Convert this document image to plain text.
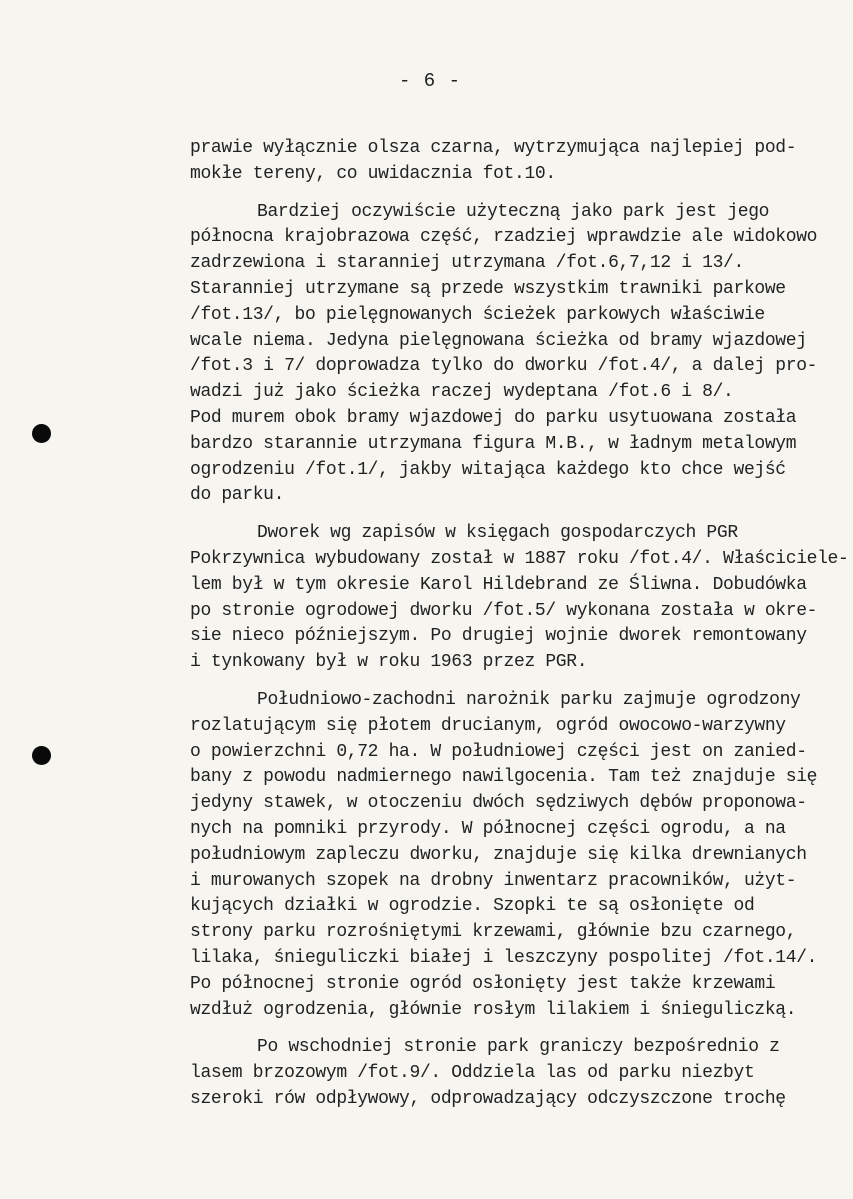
- 6 -
prawie wyłącznie olsza czarna, wytrzymująca najlepiej pod-
mokłe tereny, co uwidacznia fot.10.
Bardziej oczywiście użyteczną jako park jest jego
północna krajobrazowa część, rzadziej wprawdzie ale widokowo
zadrzewiona i staranniej utrzymana /fot.6,7,12 i 13/.
Staranniej utrzymane są przede wszystkim trawniki parkowe
/fot.13/, bo pielęgnowanych ścieżek parkowych właściwie
wcale niema. Jedyna pielęgnowana ścieżka od bramy wjazdowej
/fot.3 i 7/ doprowadza tylko do dworku /fot.4/, a dalej pro-
wadzi już jako ścieżka raczej wydeptana /fot.6 i 8/.
Pod murem obok bramy wjazdowej do parku usytuowana została
bardzo starannie utrzymana figura M.B., w ładnym metalowym
ogrodzeniu /fot.1/, jakby witająca każdego kto chce wejść
do parku.
Dworek wg zapisów w księgach gospodarczych PGR
Pokrzywnica wybudowany został w 1887 roku /fot.4/. Właściciele-
lem był w tym okresie Karol Hildebrand ze Śliwna. Dobudówka
po stronie ogrodowej dworku /fot.5/ wykonana została w okre-
sie nieco późniejszym. Po drugiej wojnie dworek remontowany
i tynkowany był w roku 1963 przez PGR.
Południowo-zachodni narożnik parku zajmuje ogrodzony
rozlatującym się płotem drucianym, ogród owocowo-warzywny
o powierzchni 0,72 ha. W południowej części jest on zanied-
bany z powodu nadmiernego nawilgocenia. Tam też znajduje się
jedyny stawek, w otoczeniu dwóch sędziwych dębów proponowa-
nych na pomniki przyrody. W północnej części ogrodu, a na
południowym zapleczu dworku, znajduje się kilka drewnianych
i murowanych szopek na drobny inwentarz pracowników, użyt-
kujących działki w ogrodzie. Szopki te są osłonięte od
strony parku rozrośniętymi krzewami, głównie bzu czarnego,
lilaka, śnieguliczki białej i leszczyny pospolitej /fot.14/.
Po północnej stronie ogród osłonięty jest także krzewami
wzdłuż ogrodzenia, głównie rosłym lilakiem i śnieguliczką.
Po wschodniej stronie park graniczy bezpośrednio z
lasem brzozowym /fot.9/. Oddziela las od parku niezbyt
szeroki rów odpływowy, odprowadzający odczyszczone trochę
